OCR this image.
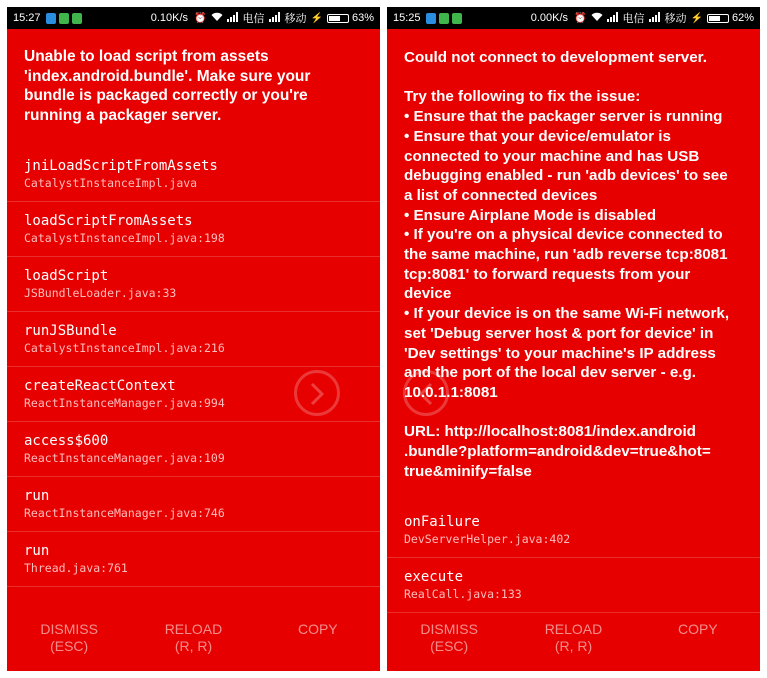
15:27	0.10K/s ⏰	电信 移动 ⚡	63%
Unable to load script from assets
'index.android.bundle'. Make sure your
bundle is packaged correctly or you're
running a packager server.
jniLoadScriptFromAssets
CatalystInstanceImpl.java
loadScriptFromAssets
CatalystInstanceImpl.java:198
loadScript
JSBundleLoader.java:33
runJSBundle
CatalystInstanceImpl.java:216
createReactContext
ReactInstanceManager.java:994
access$600
ReactInstanceManager.java:109
run
ReactInstanceManager.java:746
run
Thread.java:761
DISMISS
(ESC)
RELOAD
(R, R)
COPY
15:25	0.00K/s ⏰	电信 移动 ⚡	62%
Could not connect to development server.

Try the following to fix the issue:
• Ensure that the packager server is running
• Ensure that your device/emulator is
connected to your machine and has USB
debugging enabled - run 'adb devices' to see
a list of connected devices
• Ensure Airplane Mode is disabled
• If you're on a physical device connected to
the same machine, run 'adb reverse tcp:8081
tcp:8081' to forward requests from your
device
• If your device is on the same Wi-Fi network,
set 'Debug server host & port for device' in
'Dev settings' to your machine's IP address
and the port of the local dev server - e.g.
10.0.1.1:8081

URL: http://localhost:8081/index.android
.bundle?platform=android&dev=true&hot=
true&minify=false
onFailure
DevServerHelper.java:402
execute
RealCall.java:133
DISMISS
(ESC)
RELOAD
(R, R)
COPY
